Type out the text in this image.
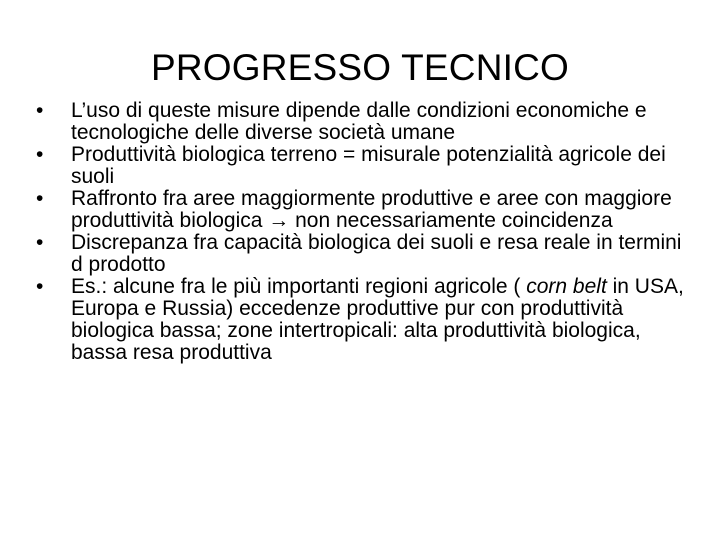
PROGRESSO TECNICO
•	L’uso di queste misure dipende dalle condizioni economiche e tecnologiche delle diverse società umane
•	Produttività biologica terreno = misurale potenzialità agricole dei suoli
•	Raffronto fra aree maggiormente produttive e aree con maggiore produttività biologica → non necessariamente coincidenza
•	Discrepanza fra capacità biologica dei suoli e resa reale in termini d prodotto
•	Es.: alcune fra le più importanti regioni agricole ( corn belt in USA, Europa e Russia) eccedenze produttive pur con produttività biologica bassa; zone intertropicali: alta produttività biologica, bassa resa produttiva
